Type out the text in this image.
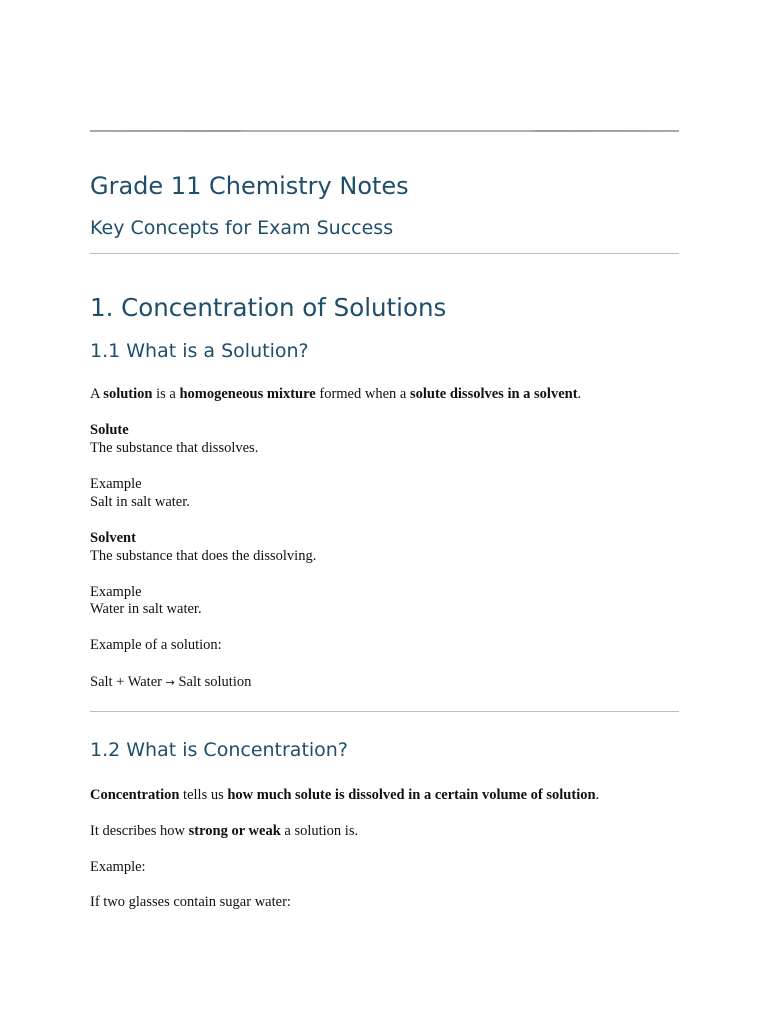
Grade 11 Chemistry Notes
Key Concepts for Exam Success
1. Concentration of Solutions
1.1 What is a Solution?

A solution is a homogeneous mixture formed when a solute dissolves in a solvent.

Solute

The substance that dissolves.

Example

Salt in salt water.

Solvent

The substance that does the dissolving.

Example

Water in salt water.

Example of a solution:

Salt + Water → Salt solution

1.2 What is Concentration?

Concentration tells us how much solute is dissolved in a certain volume of solution.

It describes how strong or weak a solution is.

Example:

If two glasses contain sugar water:
